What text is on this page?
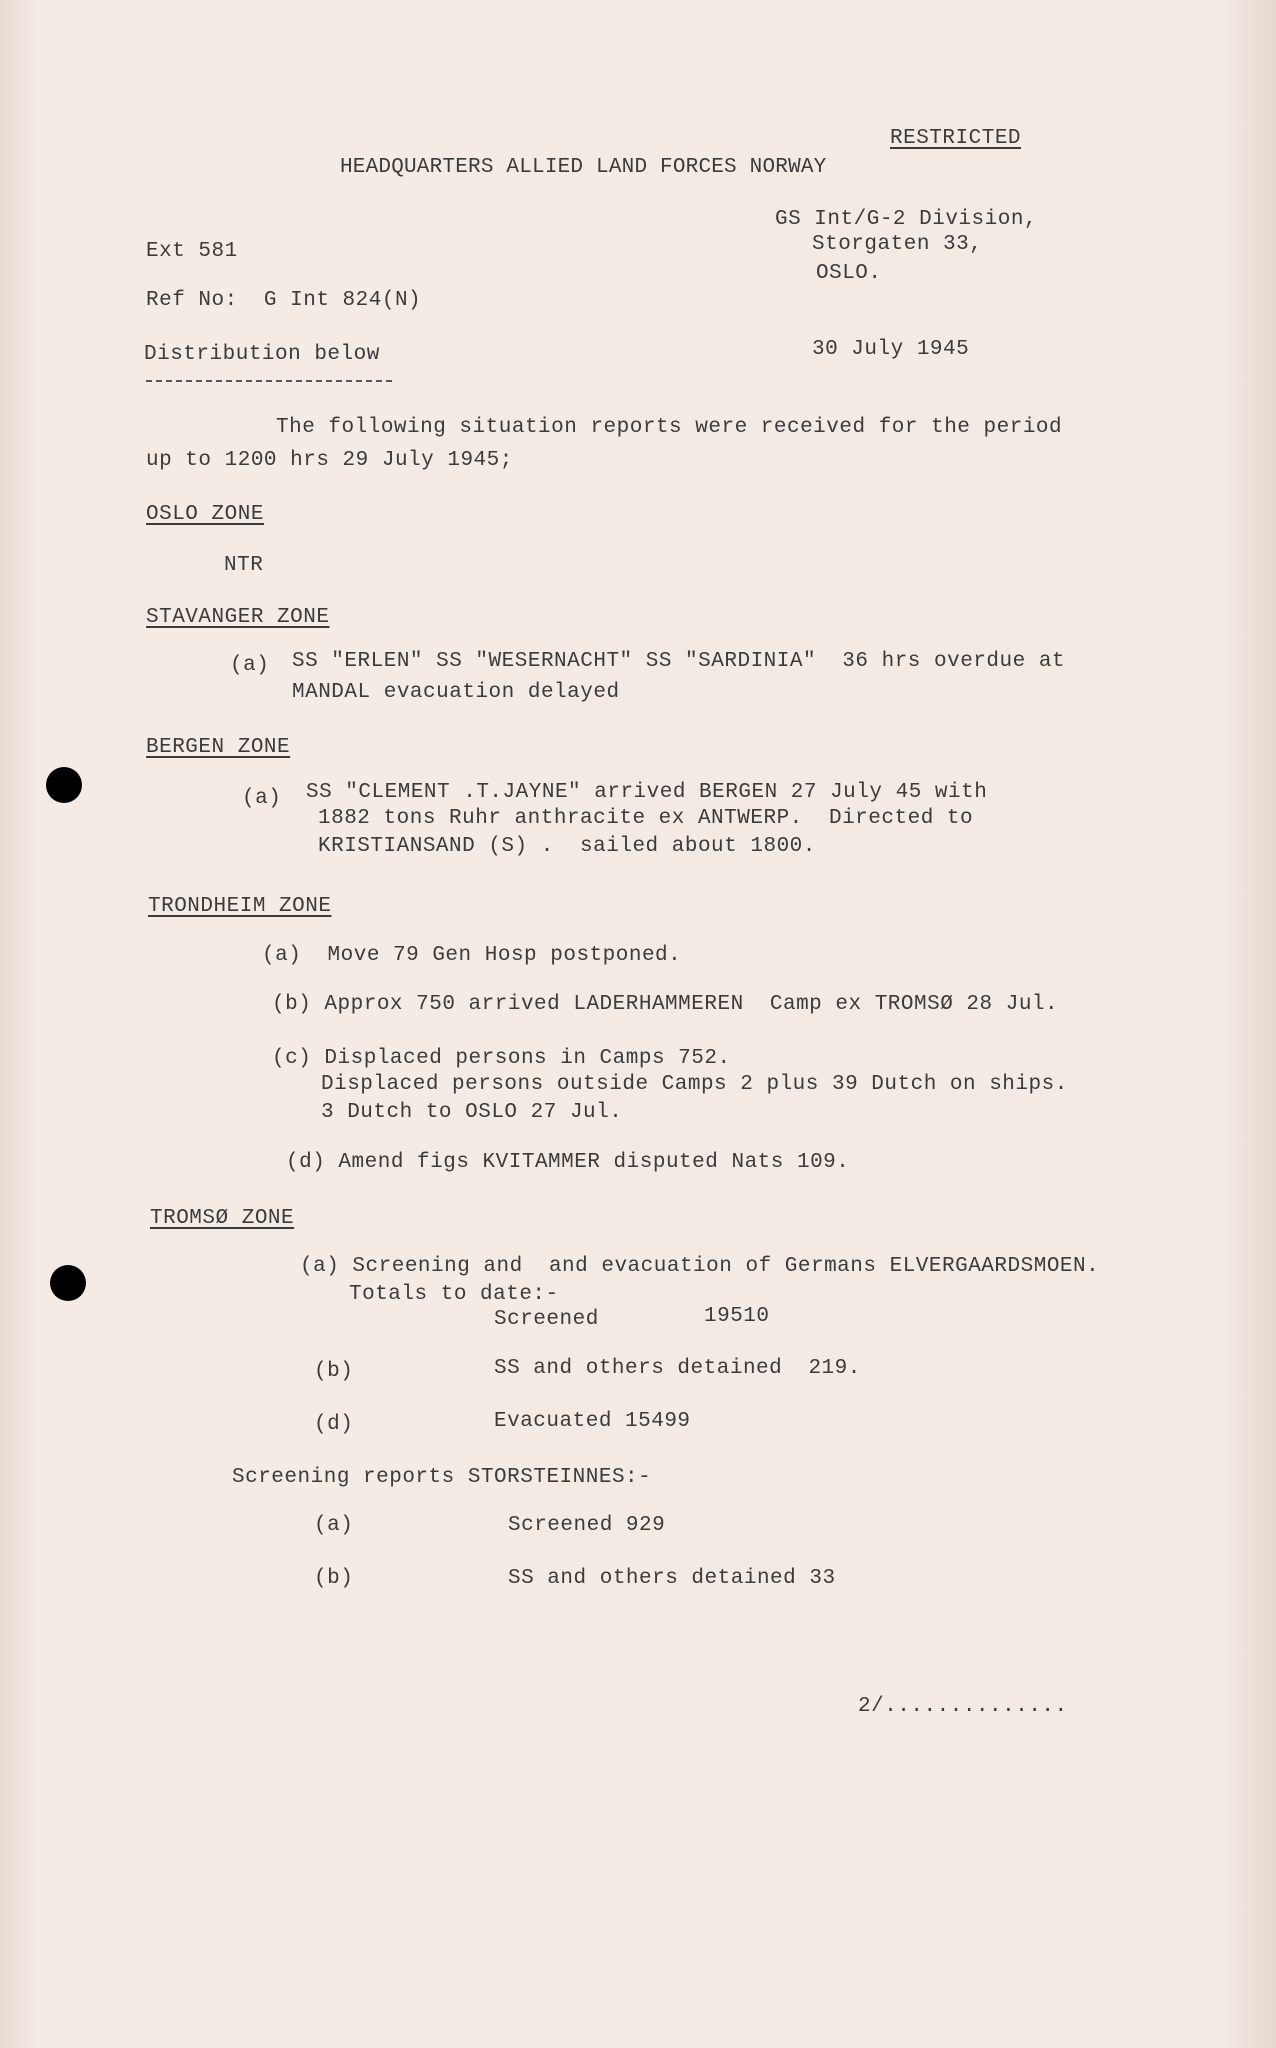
RESTRICTED
HEADQUARTERS ALLIED LAND FORCES NORWAY
GS Int/G-2 Division,
Storgaten 33,
OSLO.
Ext 581
Ref No:  G Int 824(N)
Distribution below	30 July 1945
The following situation reports were received for the period
up to 1200 hrs 29 July 1945;
OSLO ZONE
NTR
STAVANGER ZONE
(a) SS "ERLEN" SS "WESERNACHT" SS "SARDINIA"  36 hrs overdue at
MANDAL evacuation delayed
BERGEN ZONE
(a) SS "CLEMENT .T.JAYNE" arrived BERGEN 27 July 45 with
1882 tons Ruhr anthracite ex ANTWERP.  Directed to
KRISTIANSAND (S) .  sailed about 1800.
TRONDHEIM ZONE
(a)  Move 79 Gen Hosp postponed.
(b) Approx 750 arrived LADERHAMMEREN  Camp ex TROMSØ 28 Jul.
(c) Displaced persons in Camps 752.
Displaced persons outside Camps 2 plus 39 Dutch on ships.
3 Dutch to OSLO 27 Jul.
(d) Amend figs KVITAMMER disputed Nats 109.
TROMSØ ZONE
(a) Screening and  and evacuation of Germans ELVERGAARDSMOEN.
Totals to date:-
Screened	19510
(b)	SS and others detained  219.
(d)	Evacuated 15499
Screening reports STORSTEINNES:-
(a)	Screened 929
(b)	SS and others detained 33
2/..............
